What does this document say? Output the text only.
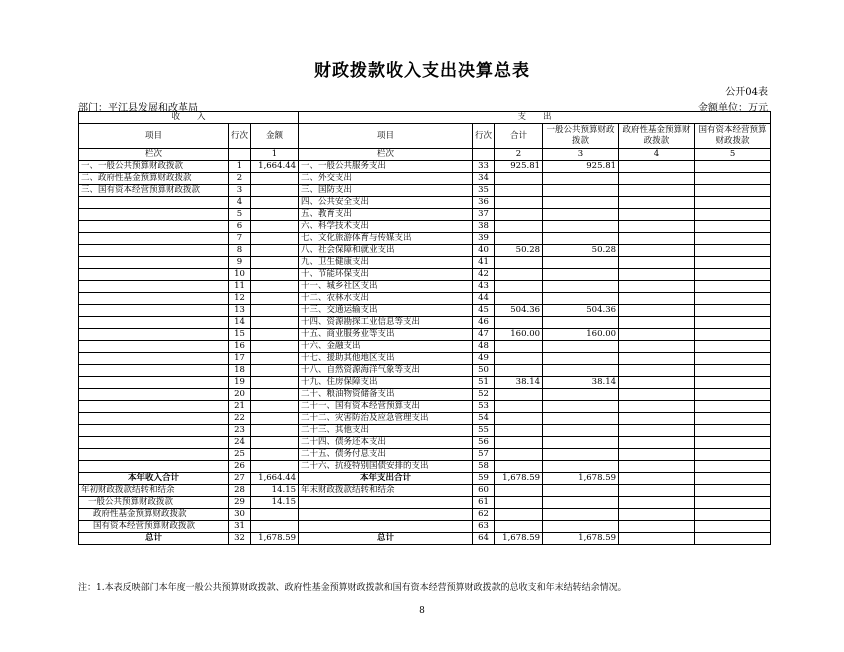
财政拨款收入支出决算总表
公开04表
部门：平江县发展和改革局	金额单位：万元
收　　入			支　　出					
项目	行次	金额	项目	行次	合计	一般公共预算财政拨款	政府性基金预算财政拨款	国有资本经营预算财政拨款
栏次		1	栏次		2	3	4	5
一、一般公共预算财政拨款	1	1,664.44	一、一般公共服务支出	33	925.81	925.81		
二、政府性基金预算财政拨款	2		二、外交支出	34				
三、国有资本经营预算财政拨款	3		三、国防支出	35				
	4		四、公共安全支出	36				
	5		五、教育支出	37				
	6		六、科学技术支出	38				
	7		七、文化旅游体育与传媒支出	39				
	8		八、社会保障和就业支出	40	50.28	50.28		
	9		九、卫生健康支出	41				
	10		十、节能环保支出	42				
	11		十一、城乡社区支出	43				
	12		十二、农林水支出	44				
	13		十三、交通运输支出	45	504.36	504.36		
	14		十四、资源勘探工业信息等支出	46				
	15		十五、商业服务业等支出	47	160.00	160.00		
	16		十六、金融支出	48				
	17		十七、援助其他地区支出	49				
	18		十八、自然资源海洋气象等支出	50				
	19		十九、住房保障支出	51	38.14	38.14		
	20		二十、粮油物资储备支出	52				
	21		二十一、国有资本经营预算支出	53				
	22		二十二、灾害防治及应急管理支出	54				
	23		二十三、其他支出	55				
	24		二十四、债务还本支出	56				
	25		二十五、债务付息支出	57				
	26		二十六、抗疫特别国债安排的支出	58				
本年收入合计	27	1,664.44	本年支出合计	59	1,678.59	1,678.59		
年初财政拨款结转和结余	28	14.15	年末财政拨款结转和结余	60				
一般公共预算财政拨款	29	14.15		61				
政府性基金预算财政拨款	30			62				
国有资本经营预算财政拨款	31			63				
总计	32	1,678.59	总计	64	1,678.59	1,678.59		
注：1.本表反映部门本年度一般公共预算财政拨款、政府性基金预算财政拨款和国有资本经营预算财政拨款的总收支和年末结转结余情况。
8
